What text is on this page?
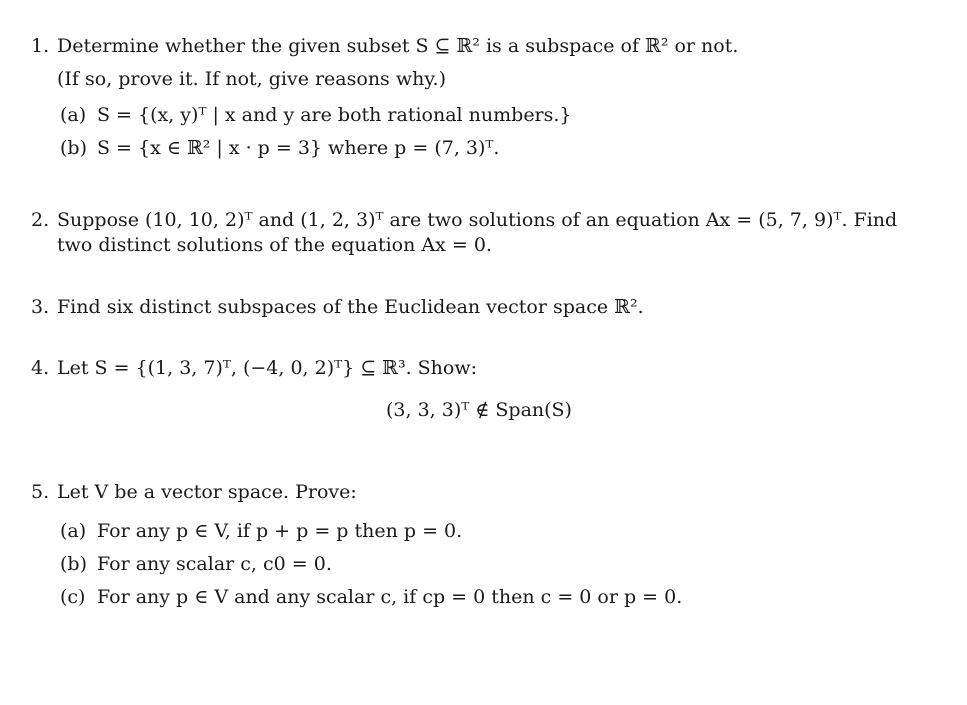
1. Determine whether the given subset S ⊆ ℝ² is a subspace of ℝ² or not.
(If so, prove it. If not, give reasons why.)
(a) S = {(x, y)ᵀ | x and y are both rational numbers.}
(b) S = {x ∈ ℝ² | x · p = 3} where p = (7, 3)ᵀ.
2. Suppose (10, 10, 2)ᵀ and (1, 2, 3)ᵀ are two solutions of an equation Ax = (5, 7, 9)ᵀ. Find
two distinct solutions of the equation Ax = 0.
3. Find six distinct subspaces of the Euclidean vector space ℝ².
4. Let S = {(1, 3, 7)ᵀ, (−4, 0, 2)ᵀ} ⊆ ℝ³. Show:
(3, 3, 3)ᵀ ∉ Span(S)
5. Let V be a vector space. Prove:
(a) For any p ∈ V, if p + p = p then p = 0.
(b) For any scalar c, c0 = 0.
(c) For any p ∈ V and any scalar c, if cp = 0 then c = 0 or p = 0.
